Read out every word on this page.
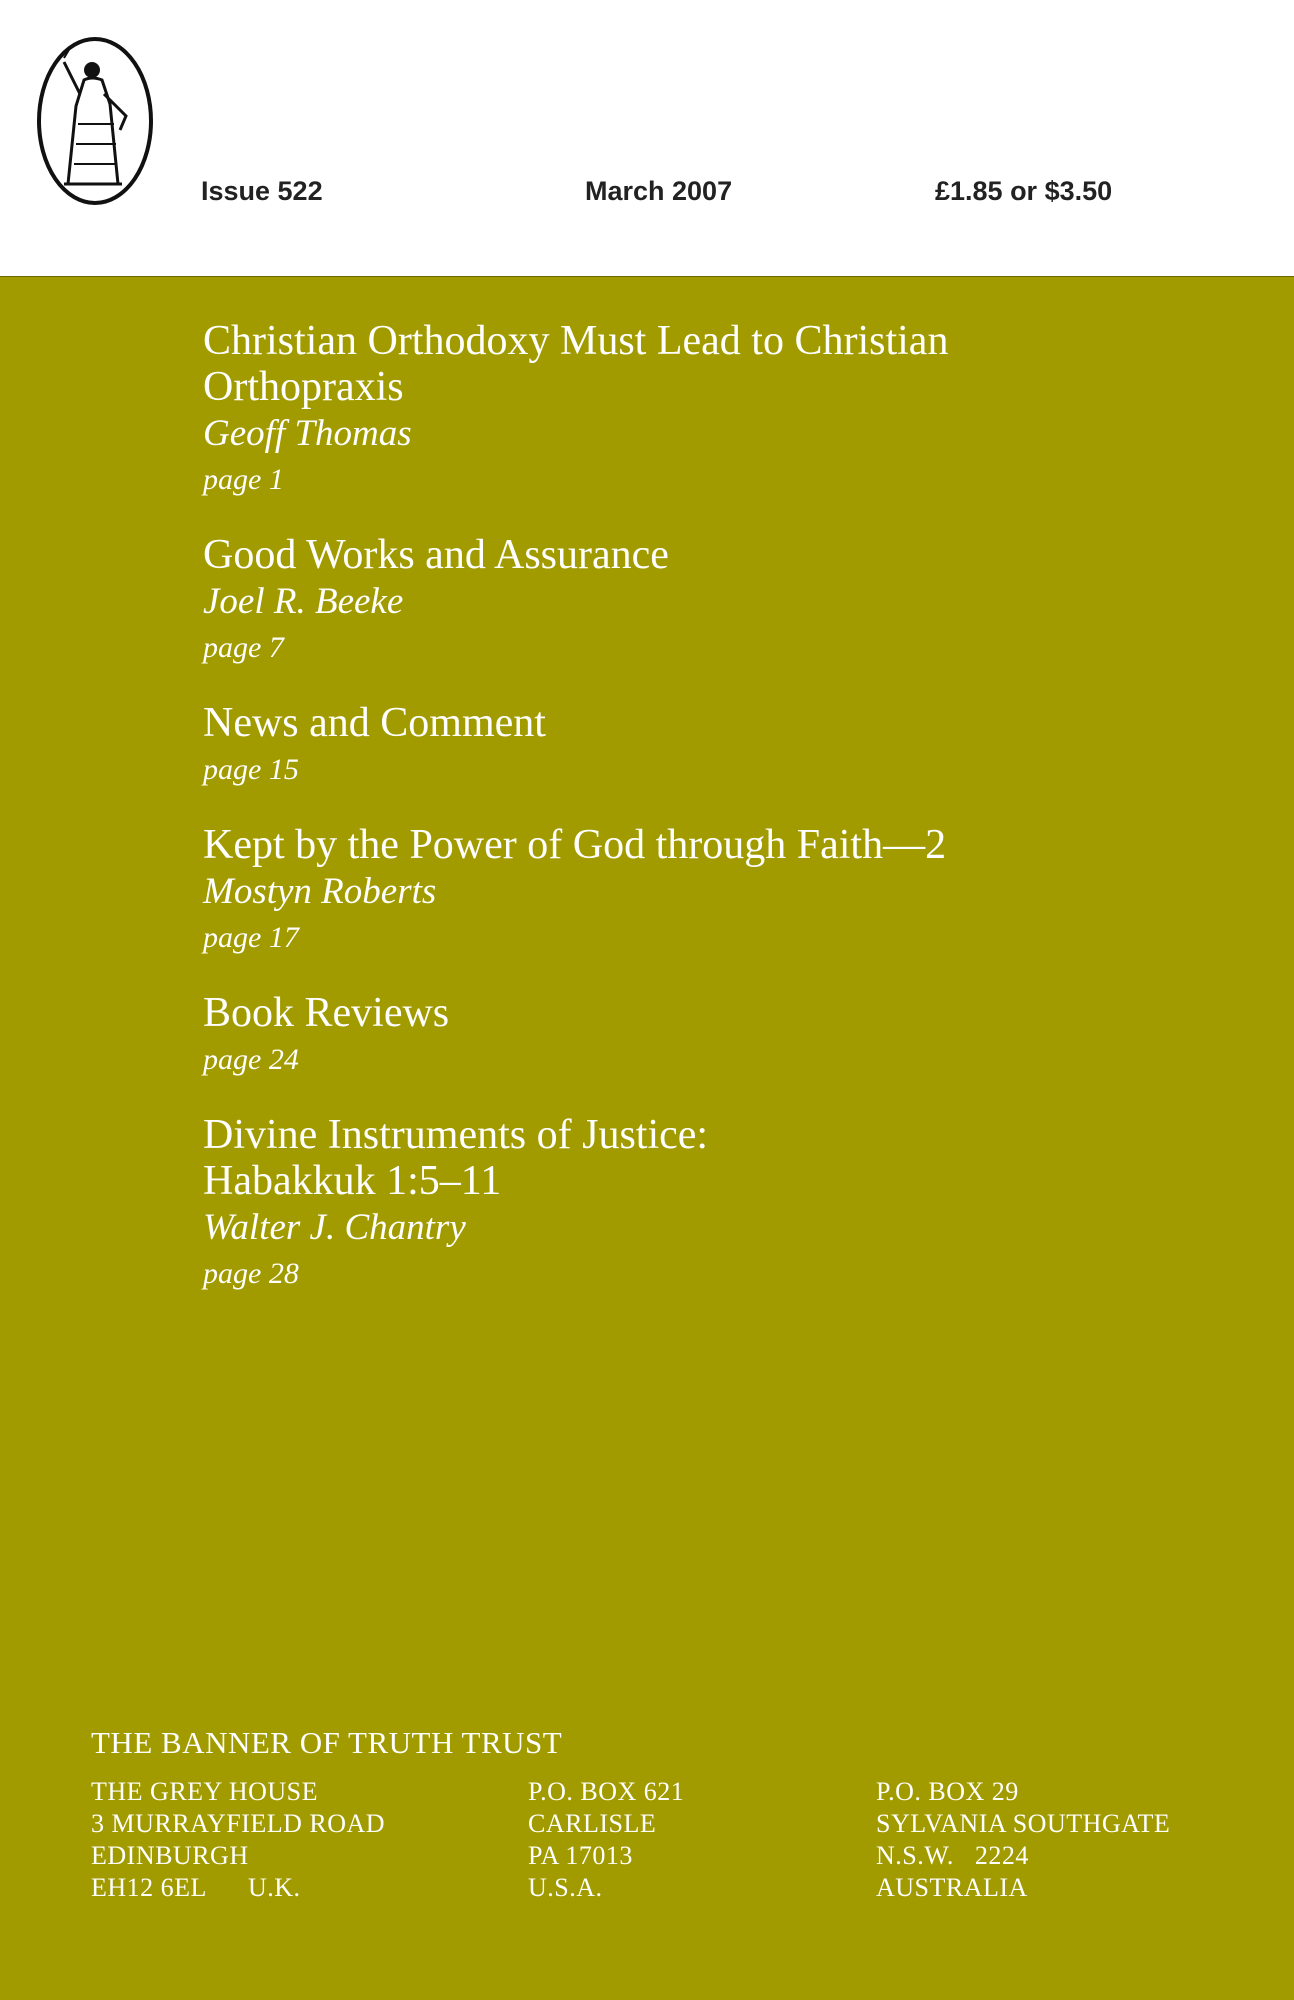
Issue 522	March 2007	£1.85 or $3.50
Christian Orthodoxy Must Lead to Christian
Orthopraxis
Geoff Thomas
page 1
Good Works and Assurance
Joel R. Beeke
page 7
News and Comment
page 15
Kept by the Power of God through Faith—2
Mostyn Roberts
page 17
Book Reviews
page 24
Divine Instruments of Justice:
Habakkuk 1:5–11
Walter J. Chantry
page 28
THE BANNER OF TRUTH TRUST
THE GREY HOUSE
3 MURRAYFIELD ROAD
EDINBURGH
EH12 6EL      U.K.
P.O. BOX 621
CARLISLE
PA 17013
U.S.A.
P.O. BOX 29
SYLVANIA SOUTHGATE
N.S.W.   2224
AUSTRALIA
